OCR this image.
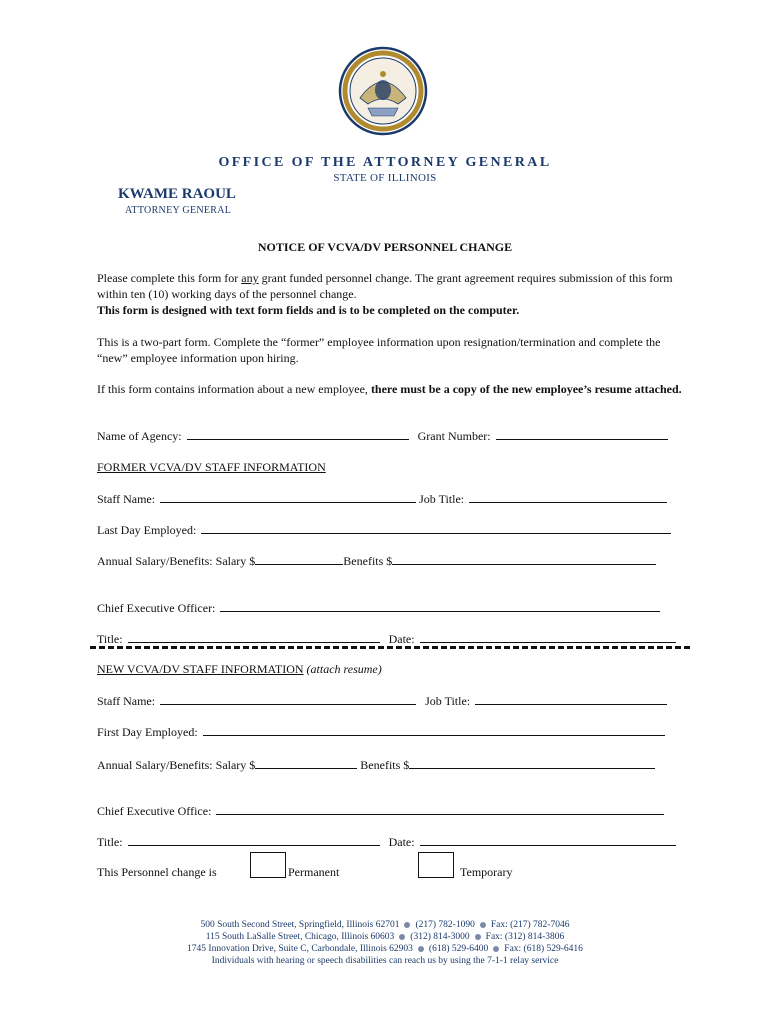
OFFICE OF THE ATTORNEY GENERAL
STATE OF ILLINOIS
KWAME RAOUL
ATTORNEY GENERAL
NOTICE OF VCVA/DV PERSONNEL CHANGE
Please complete this form for any grant funded personnel change. The grant agreement requires submission of this form within ten (10) working days of the personnel change.
This form is designed with text form fields and is to be completed on the computer.
This is a two-part form. Complete the “former” employee information upon resignation/termination and complete the “new” employee information upon hiring.
If this form contains information about a new employee, there must be a copy of the new employee’s resume attached.
Name of Agency:	Grant Number:
FORMER VCVA/DV STAFF INFORMATION
Staff Name:	Job Title:
Last Day Employed:
Annual Salary/Benefits: Salary $	Benefits $
Chief Executive Officer:
Title:	Date:
NEW VCVA/DV STAFF INFORMATION (attach resume)
Staff Name:	Job Title:
First Day Employed:
Annual Salary/Benefits: Salary $	Benefits $
Chief Executive Office:
Title:	Date:
This Personnel change is	Permanent	Temporary
500 South Second Street, Springfield, Illinois 62701 (217) 782-1090 Fax: (217) 782-7046
115 South LaSalle Street, Chicago, Illinois 60603 (312) 814-3000 Fax: (312) 814-3806
1745 Innovation Drive, Suite C, Carbondale, Illinois 62903 (618) 529-6400 Fax: (618) 529-6416
Individuals with hearing or speech disabilities can reach us by using the 7-1-1 relay service
